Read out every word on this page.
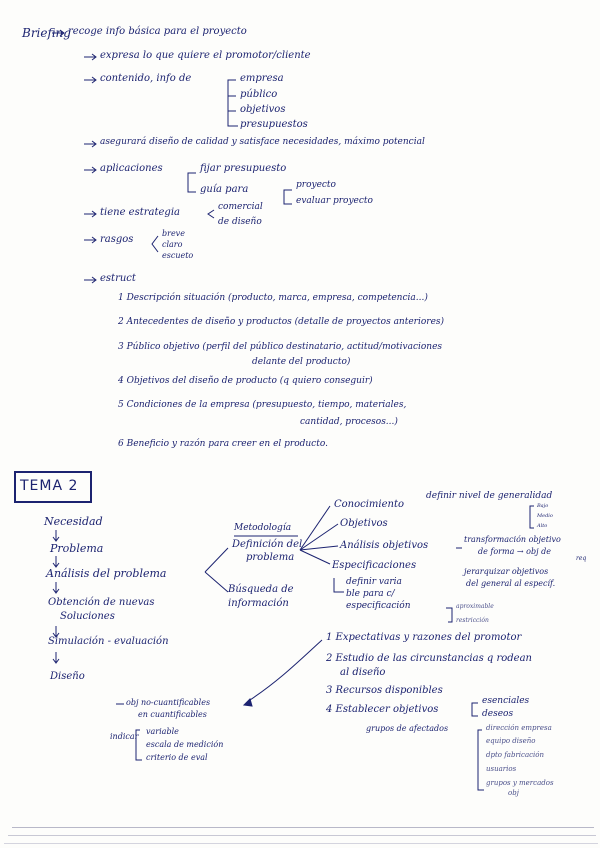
Briefing
recoge info básica para el proyecto
expresa lo que quiere el promotor/cliente
contenido, info de	empresa
público
objetivos
presupuestos
asegurará diseño de calidad y satisface necesidades, máximo potencial
aplicaciones	fijar presupuesto
guía para	proyecto
evaluar proyecto
tiene estrategia	comercial
de diseño
rasgos
breve
claro
escueto
estruct
1 Descripción situación (producto, marca, empresa, competencia...)
2 Antecedentes de diseño y productos (detalle de proyectos anteriores)
3 Público objetivo (perfil del público destinatario, actitud/motivaciones
delante del producto)
4 Objetivos del diseño de producto (q quiero conseguir)
5 Condiciones de la empresa (presupuesto, tiempo, materiales,
cantidad, procesos...)
6 Beneficio y razón para creer en el producto.
TEMA 2
Necesidad
Problema
Análisis del problema
Obtención de nuevas
Soluciones
Simulación - evaluación
Diseño
Metodología
Definición del
problema
Búsqueda de
información
Conocimiento
definir nivel de generalidad
Bajo
Medio
Alto
Objetivos
Análisis objetivos
transformación objetivo
de forma → obj de
req
jerarquizar objetivos
del general al específ.
Especificaciones
definir varia
ble para c/
especificación	aproximable
restricción
1 Expectativas y razones del promotor
2 Estudio de las circunstancias q rodean
al diseño
3 Recursos disponibles
4 Establecer objetivos
esenciales
deseos
grupos de afectados	dirección empresa
equipo diseño
dpto fabricación
usuarios
grupos y mercados
obj
obj no-cuantificables
en cuantificables
indicar
variable
escala de medición
criterio de eval
